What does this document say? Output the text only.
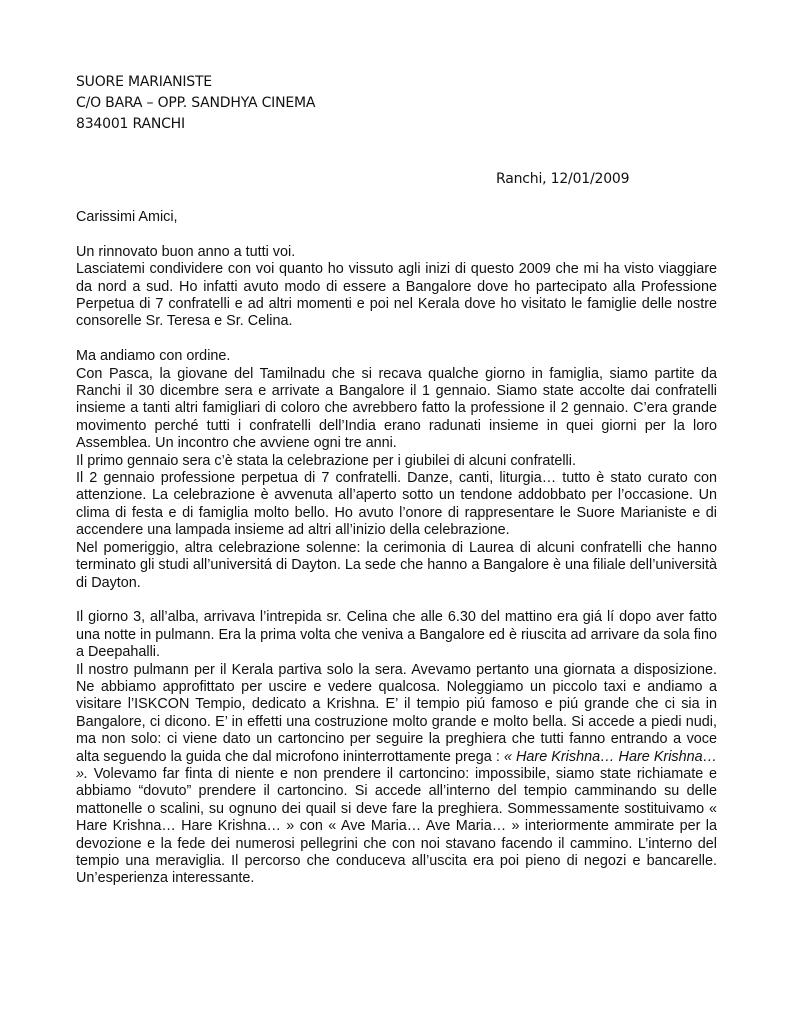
SUORE MARIANISTE
C/O BARA – OPP. SANDHYA CINEMA
834001 RANCHI
Ranchi, 12/01/2009

Carissimi Amici,

Un rinnovato buon anno a tutti voi.

Lasciatemi condividere con voi quanto ho vissuto agli inizi di questo 2009 che mi ha visto viaggiare da nord a sud. Ho infatti avuto modo di essere a Bangalore dove ho partecipato alla Professione Perpetua di 7 confratelli e ad altri momenti e poi nel Kerala dove ho visitato le famiglie delle nostre consorelle Sr. Teresa e Sr. Celina.

Ma andiamo con ordine.

Con Pasca, la giovane del Tamilnadu che si recava qualche giorno in famiglia, siamo partite da Ranchi il 30 dicembre sera e arrivate a Bangalore il 1 gennaio. Siamo state accolte dai confratelli insieme a tanti altri famigliari di coloro che avrebbero fatto la professione il 2 gennaio. C’era grande movimento perché tutti i confratelli dell’India erano radunati insieme in quei giorni per la loro Assemblea. Un incontro che avviene ogni tre anni.

Il primo gennaio sera c’è stata la celebrazione per i giubilei di alcuni confratelli.

Il 2 gennaio professione perpetua di 7 confratelli. Danze, canti, liturgia… tutto è stato curato con attenzione. La celebrazione è avvenuta all’aperto sotto un tendone addobbato per l’occasione. Un clima di festa e di famiglia molto bello. Ho avuto l’onore di rappresentare le Suore Marianiste e di accendere una lampada insieme ad altri all’inizio della celebrazione.

Nel pomeriggio, altra celebrazione solenne: la cerimonia di Laurea di alcuni confratelli che hanno terminato gli studi all’universitá di Dayton. La sede che hanno a Bangalore è una filiale dell’università di Dayton.

Il giorno 3, all’alba, arrivava l’intrepida sr. Celina che alle 6.30 del mattino era giá lí dopo aver fatto una notte in pulmann. Era la prima volta che veniva a Bangalore ed è riuscita ad arrivare da sola fino a Deepahalli.

Il nostro pulmann per il Kerala partiva solo la sera. Avevamo pertanto una giornata a disposizione. Ne abbiamo approfittato per uscire e vedere qualcosa. Noleggiamo un piccolo taxi e andiamo a visitare l’ISKCON Tempio, dedicato a Krishna. E’ il tempio piú famoso e piú grande che ci sia in Bangalore, ci dicono. E’ in effetti una costruzione molto grande e molto bella. Si accede a piedi nudi, ma non solo: ci viene dato un cartoncino per seguire la preghiera che tutti fanno entrando a voce alta seguendo la guida che dal microfono ininterrottamente prega : « Hare Krishna… Hare Krishna… ». Volevamo far finta di niente e non prendere il cartoncino: impossibile, siamo state richiamate e abbiamo “dovuto” prendere il cartoncino. Si accede all’interno del tempio camminando su delle mattonelle o scalini, su ognuno dei quail si deve fare la preghiera. Sommessamente sostituivamo « Hare Krishna… Hare Krishna… » con « Ave Maria… Ave Maria… » interiormente ammirate per la devozione e la fede dei numerosi pellegrini che con noi stavano facendo il cammino. L’interno del tempio una meraviglia. Il percorso che conduceva all’uscita era poi pieno di negozi e bancarelle. Un’esperienza interessante.
